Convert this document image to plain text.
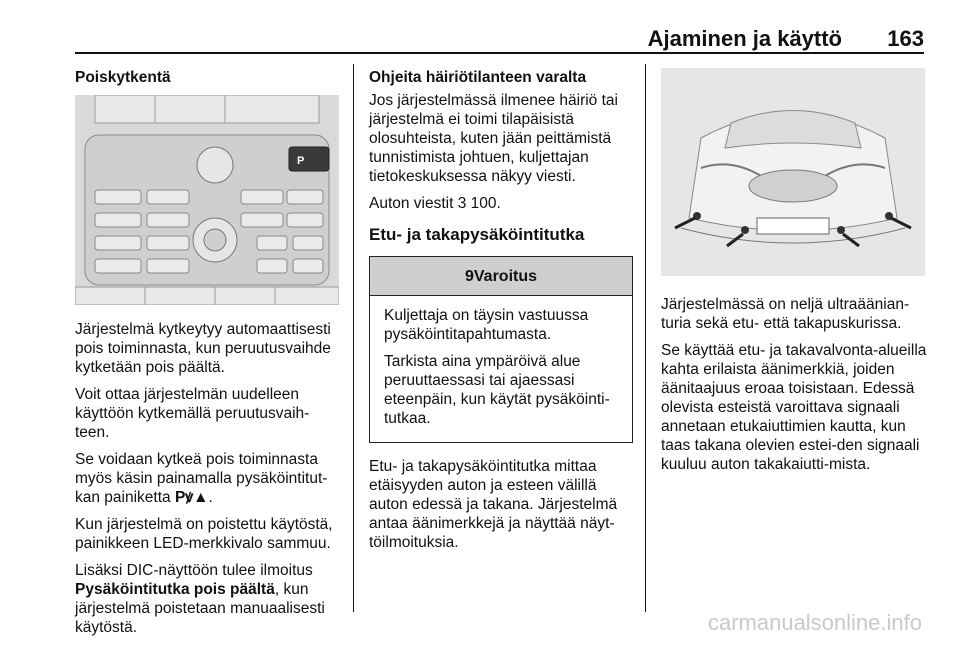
Ajaminen ja käyttö 163
Poiskytkentä
P

Järjestelmä kytkeytyy automaattisesti pois toiminnasta, kun peruutusvaihde kytketään pois päältä.

Voit ottaa järjestelmän uudelleen käyttöön kytkemällä peruutusvaih-teen.

Se voidaan kytkeä pois toiminnasta myös käsin painamalla pysäköintitut-kan painiketta Pꝟ▲.

Kun järjestelmä on poistettu käytöstä, painikkeen LED-merkkivalo sammuu.

Lisäksi DIC-näyttöön tulee ilmoitus Pysäköintitutka pois päältä, kun järjestelmä poistetaan manuaalisesti käytöstä.

Ohjeita häiriötilanteen varalta

Jos järjestelmässä ilmenee häiriö tai järjestelmä ei toimi tilapäisistä olosuhteista, kuten jään peittämistä tunnistimista johtuen, kuljettajan tietokeskuksessa näkyy viesti.

Auton viestit 3 100.

Etu- ja takapysäköintitutka
9 Varoitus

Kuljettaja on täysin vastuussa pysäköintitapahtumasta.

Tarkista aina ympäröivä alue peruuttaessasi tai ajaessasi eteenpäin, kun käytät pysäköinti-tutkaa.

Etu- ja takapysäköintitutka mittaa etäisyyden auton ja esteen välillä auton edessä ja takana. Järjestelmä antaa äänimerkkejä ja näyttää näyt-töilmoituksia.

Järjestelmässä on neljä ultraäänian-turia sekä etu- että takapuskurissa.

Se käyttää etu- ja takavalvonta-alueilla kahta erilaista äänimerkkiä, joiden äänitaajuus eroaa toisistaan. Edessä olevista esteistä varoittava signaali annetaan etukaiuttimien kautta, kun taas takana olevien estei-den signaali kuuluu auton takakaiutti-mista.

carmanualsonline.info
